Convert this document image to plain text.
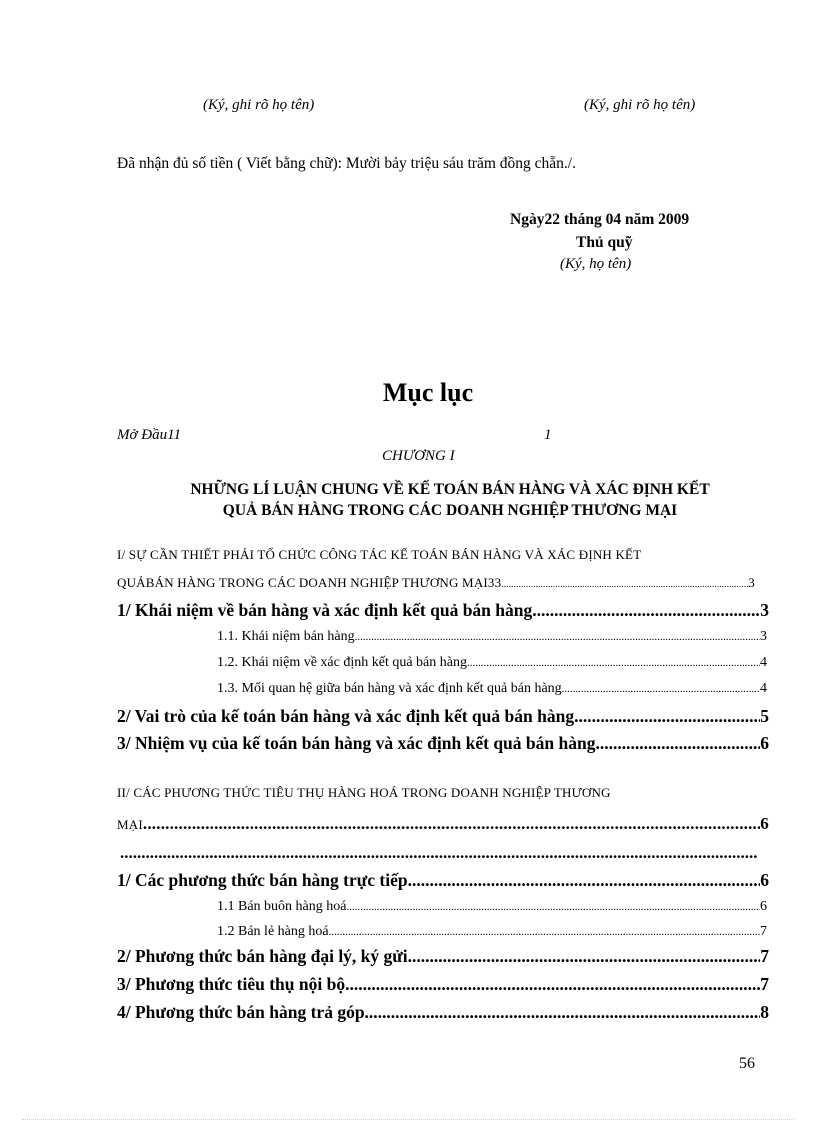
(Ký, ghi rõ họ tên)	(Ký, ghi rõ họ tên)
Đã nhận đủ số tiền ( Viết bằng chữ): Mười bảy triệu sáu trăm đồng chẵn./.
Ngày22 tháng 04 năm 2009
Thủ quỹ
(Ký, họ tên)
Mục lục
Mở Đầu11	1
CHƯƠNG I
NHỮNG LÍ LUẬN CHUNG VỀ KẾ TOÁN BÁN HÀNG VÀ XÁC ĐỊNH KẾT
QUẢ BÁN HÀNG TRONG CÁC DOANH NGHIỆP THƯƠNG MẠI
I/ SỰ CẦN THIẾT PHẢI TỔ CHỨC CÔNG TÁC KẾ TOÁN BÁN HÀNG VÀ XÁC ĐỊNH KẾT
QUẢBÁN HÀNG TRONG CÁC DOANH NGHIỆP THƯƠNG MẠI33 .....	3
1/ Khái niệm về bán hàng và xác định kết quả bán hàng .....	3
1.1. Khái niệm bán hàng .....	3
1.2. Khái niệm về xác định kết quả bán hàng .....	4
1.3. Mối quan hệ giữa bán hàng và xác định kết quả bán hàng .....	4
2/ Vai trò của kế toán bán hàng và xác định kết quả bán hàng .....	5
3/ Nhiệm vụ của kế toán bán hàng và xác định kết quả bán hàng .....	6
II/ CÁC PHƯƠNG THỨC TIÊU THỤ HÀNG HOÁ TRONG DOANH NGHIỆP THƯƠNG
MẠI .....	6
.....
1/ Các phương thức bán hàng trực tiếp .....	6
1.1 Bán buôn hàng hoá .....	6
1.2 Bán lẻ hàng hoá .....	7
2/ Phương thức bán hàng đại lý, ký gửi .....	7
3/ Phương thức tiêu thụ nội bộ .....	7
4/ Phương thức bán hàng trả góp .....	8
56
